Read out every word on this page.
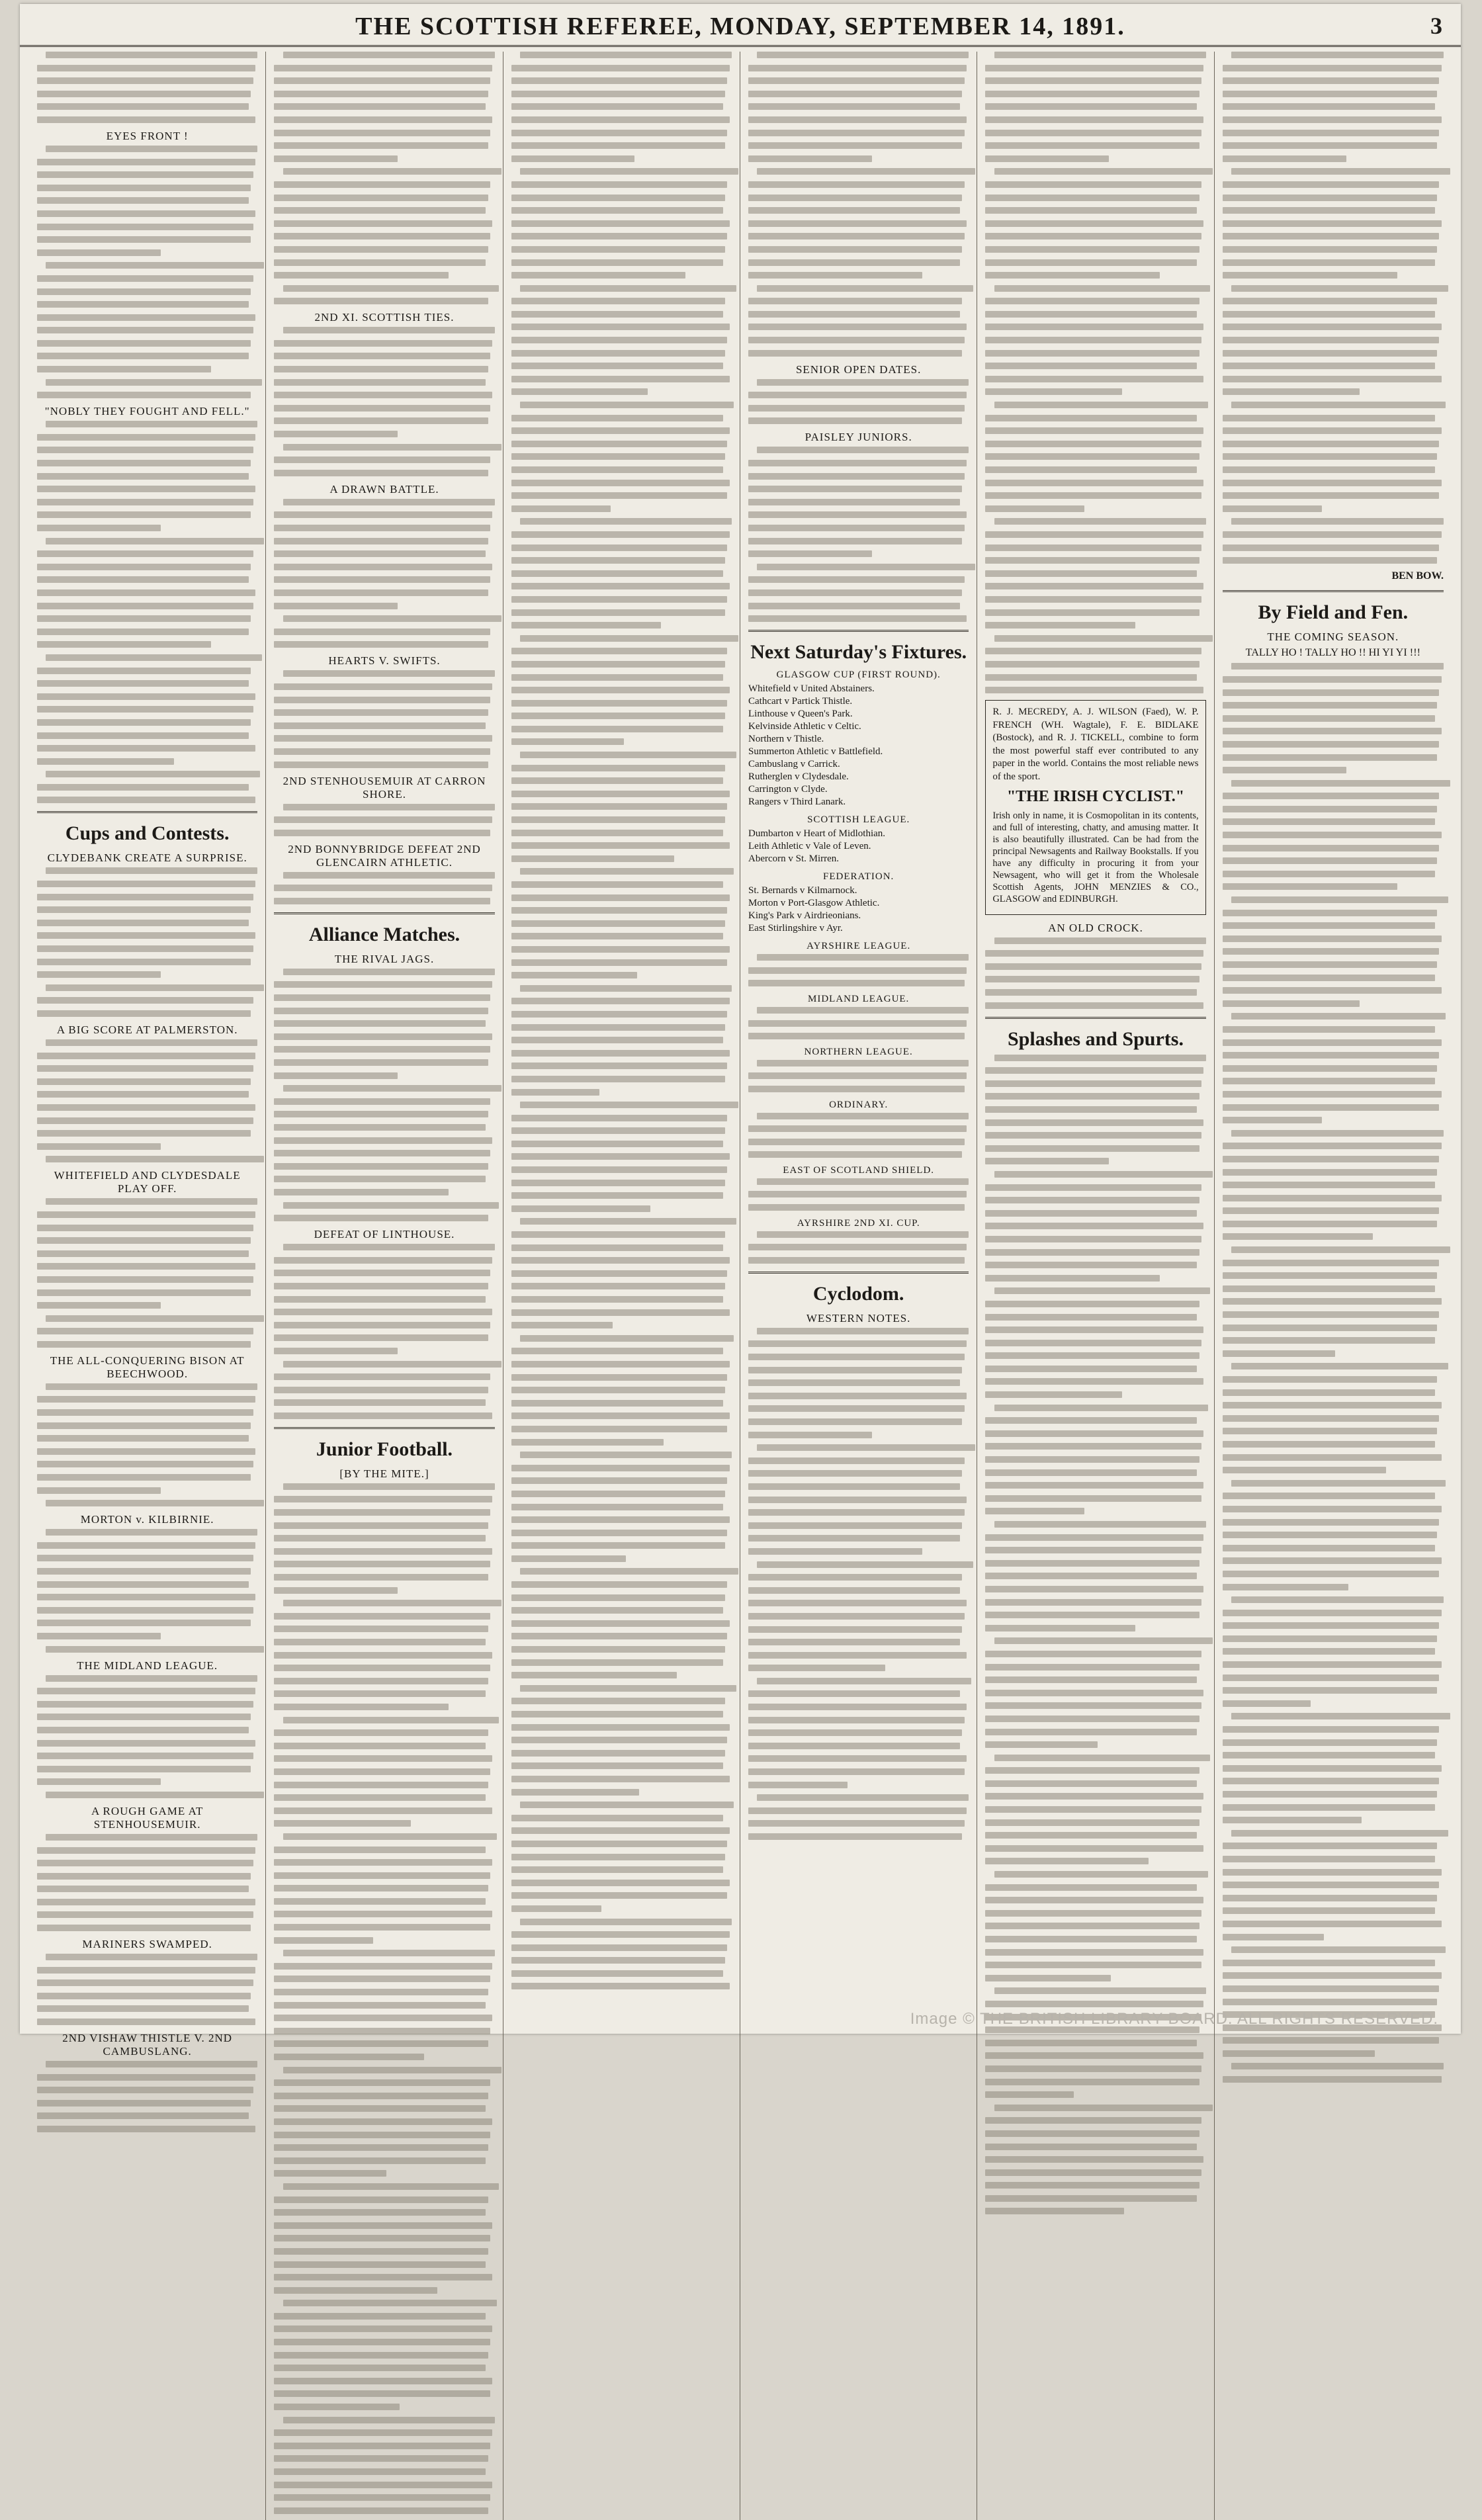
THE SCOTTISH REFEREE, MONDAY, SEPTEMBER 14, 1891.	3
EYES FRONT !
"NOBLY THEY FOUGHT AND FELL."
Cups and Contests.
CLYDEBANK CREATE A SURPRISE.
A BIG SCORE AT PALMERSTON.
WHITEFIELD AND CLYDESDALE PLAY OFF.
THE ALL-CONQUERING BISON AT BEECHWOOD.
MORTON v. KILBIRNIE.
THE MIDLAND LEAGUE.
A ROUGH GAME AT STENHOUSEMUIR.
MARINERS SWAMPED.
2ND VISHAW THISTLE V. 2ND CAMBUSLANG.
2ND XI. SCOTTISH TIES.
A DRAWN BATTLE.
HEARTS V. SWIFTS.
2ND STENHOUSEMUIR AT CARRON SHORE.
2ND BONNYBRIDGE DEFEAT 2ND GLENCAIRN ATHLETIC.
Alliance Matches.
THE RIVAL JAGS.
DEFEAT OF LINTHOUSE.
Junior Football.
[BY THE MITE.]
SENIOR OPEN DATES.
PAISLEY JUNIORS.
Next Saturday's Fixtures.
GLASGOW CUP (FIRST ROUND).
Whitefield v United Abstainers.
Cathcart v Partick Thistle.
Linthouse v Queen's Park.
Kelvinside Athletic v Celtic.
Northern v Thistle.
Summerton Athletic v Battlefield.
Cambuslang v Carrick.
Rutherglen v Clydesdale.
Carrington v Clyde.
Rangers v Third Lanark.
SCOTTISH LEAGUE.
Dumbarton v Heart of Midlothian.
Leith Athletic v Vale of Leven.
Abercorn v St. Mirren.
FEDERATION.
St. Bernards v Kilmarnock.
Morton v Port-Glasgow Athletic.
King's Park v Airdrieonians.
East Stirlingshire v Ayr.
AYRSHIRE LEAGUE.
MIDLAND LEAGUE.
NORTHERN LEAGUE.
ORDINARY.
EAST OF SCOTLAND SHIELD.
AYRSHIRE 2ND XI. CUP.
Cyclodom.
WESTERN NOTES.
R. J. MECREDY, A. J. WILSON (Faed), W. P. FRENCH (WH. Wagtale), F. E. BIDLAKE (Bostock), and R. J. TICKELL, combine to form the most powerful staff ever contributed to any paper in the world. Contains the most reliable news of the sport.
"THE IRISH CYCLIST."
Irish only in name, it is Cosmopolitan in its contents, and full of interesting, chatty, and amusing matter. It is also beautifully illustrated. Can be had from the principal Newsagents and Railway Bookstalls. If you have any difficulty in procuring it from your Newsagent, who will get it from the Wholesale Scottish Agents, JOHN MENZIES & CO., GLASGOW and EDINBURGH.
AN OLD CROCK.
Splashes and Spurts.
BEN BOW.
By Field and Fen.
THE COMING SEASON.
TALLY HO ! TALLY HO !! HI YI YI !!!
Image © THE BRITISH LIBRARY BOARD. ALL RIGHTS RESERVED.
